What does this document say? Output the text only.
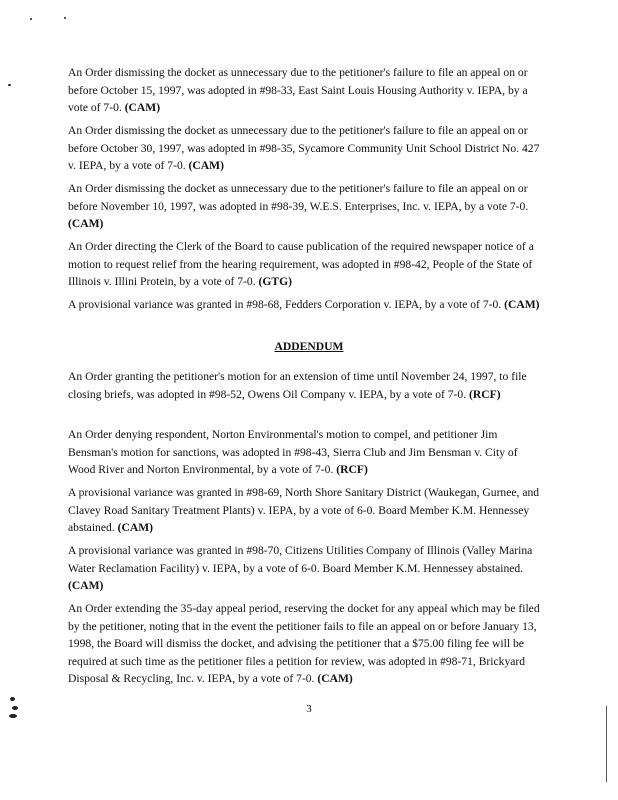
An Order dismissing the docket as unnecessary due to the petitioner's failure to file an appeal on or before October 15, 1997, was adopted in #98-33, East Saint Louis Housing Authority v. IEPA, by a vote of 7-0. (CAM)

An Order dismissing the docket as unnecessary due to the petitioner's failure to file an appeal on or before October 30, 1997, was adopted in #98-35, Sycamore Community Unit School District No. 427 v. IEPA, by a vote of 7-0. (CAM)

An Order dismissing the docket as unnecessary due to the petitioner's failure to file an appeal on or before November 10, 1997, was adopted in #98-39, W.E.S. Enterprises, Inc. v. IEPA, by a vote 7-0. (CAM)

An Order directing the Clerk of the Board to cause publication of the required newspaper notice of a motion to request relief from the hearing requirement, was adopted in #98-42, People of the State of Illinois v. Illini Protein, by a vote of 7-0. (GTG)

A provisional variance was granted in #98-68, Fedders Corporation v. IEPA, by a vote of 7-0. (CAM)

ADDENDUM

An Order granting the petitioner's motion for an extension of time until November 24, 1997, to file closing briefs, was adopted in #98-52, Owens Oil Company v. IEPA, by a vote of 7-0. (RCF)

An Order denying respondent, Norton Environmental's motion to compel, and petitioner Jim Bensman's motion for sanctions, was adopted in #98-43, Sierra Club and Jim Bensman v. City of Wood River and Norton Environmental, by a vote of 7-0. (RCF)

A provisional variance was granted in #98-69, North Shore Sanitary District (Waukegan, Gurnee, and Clavey Road Sanitary Treatment Plants) v. IEPA, by a vote of 6-0. Board Member K.M. Hennessey abstained. (CAM)

A provisional variance was granted in #98-70, Citizens Utilities Company of Illinois (Valley Marina Water Reclamation Facility) v. IEPA, by a vote of 6-0. Board Member K.M. Hennessey abstained. (CAM)

An Order extending the 35-day appeal period, reserving the docket for any appeal which may be filed by the petitioner, noting that in the event the petitioner fails to file an appeal on or before January 13, 1998, the Board will dismiss the docket, and advising the petitioner that a $75.00 filing fee will be required at such time as the petitioner files a petition for review, was adopted in #98-71, Brickyard Disposal & Recycling, Inc. v. IEPA, by a vote of 7-0. (CAM)

3
